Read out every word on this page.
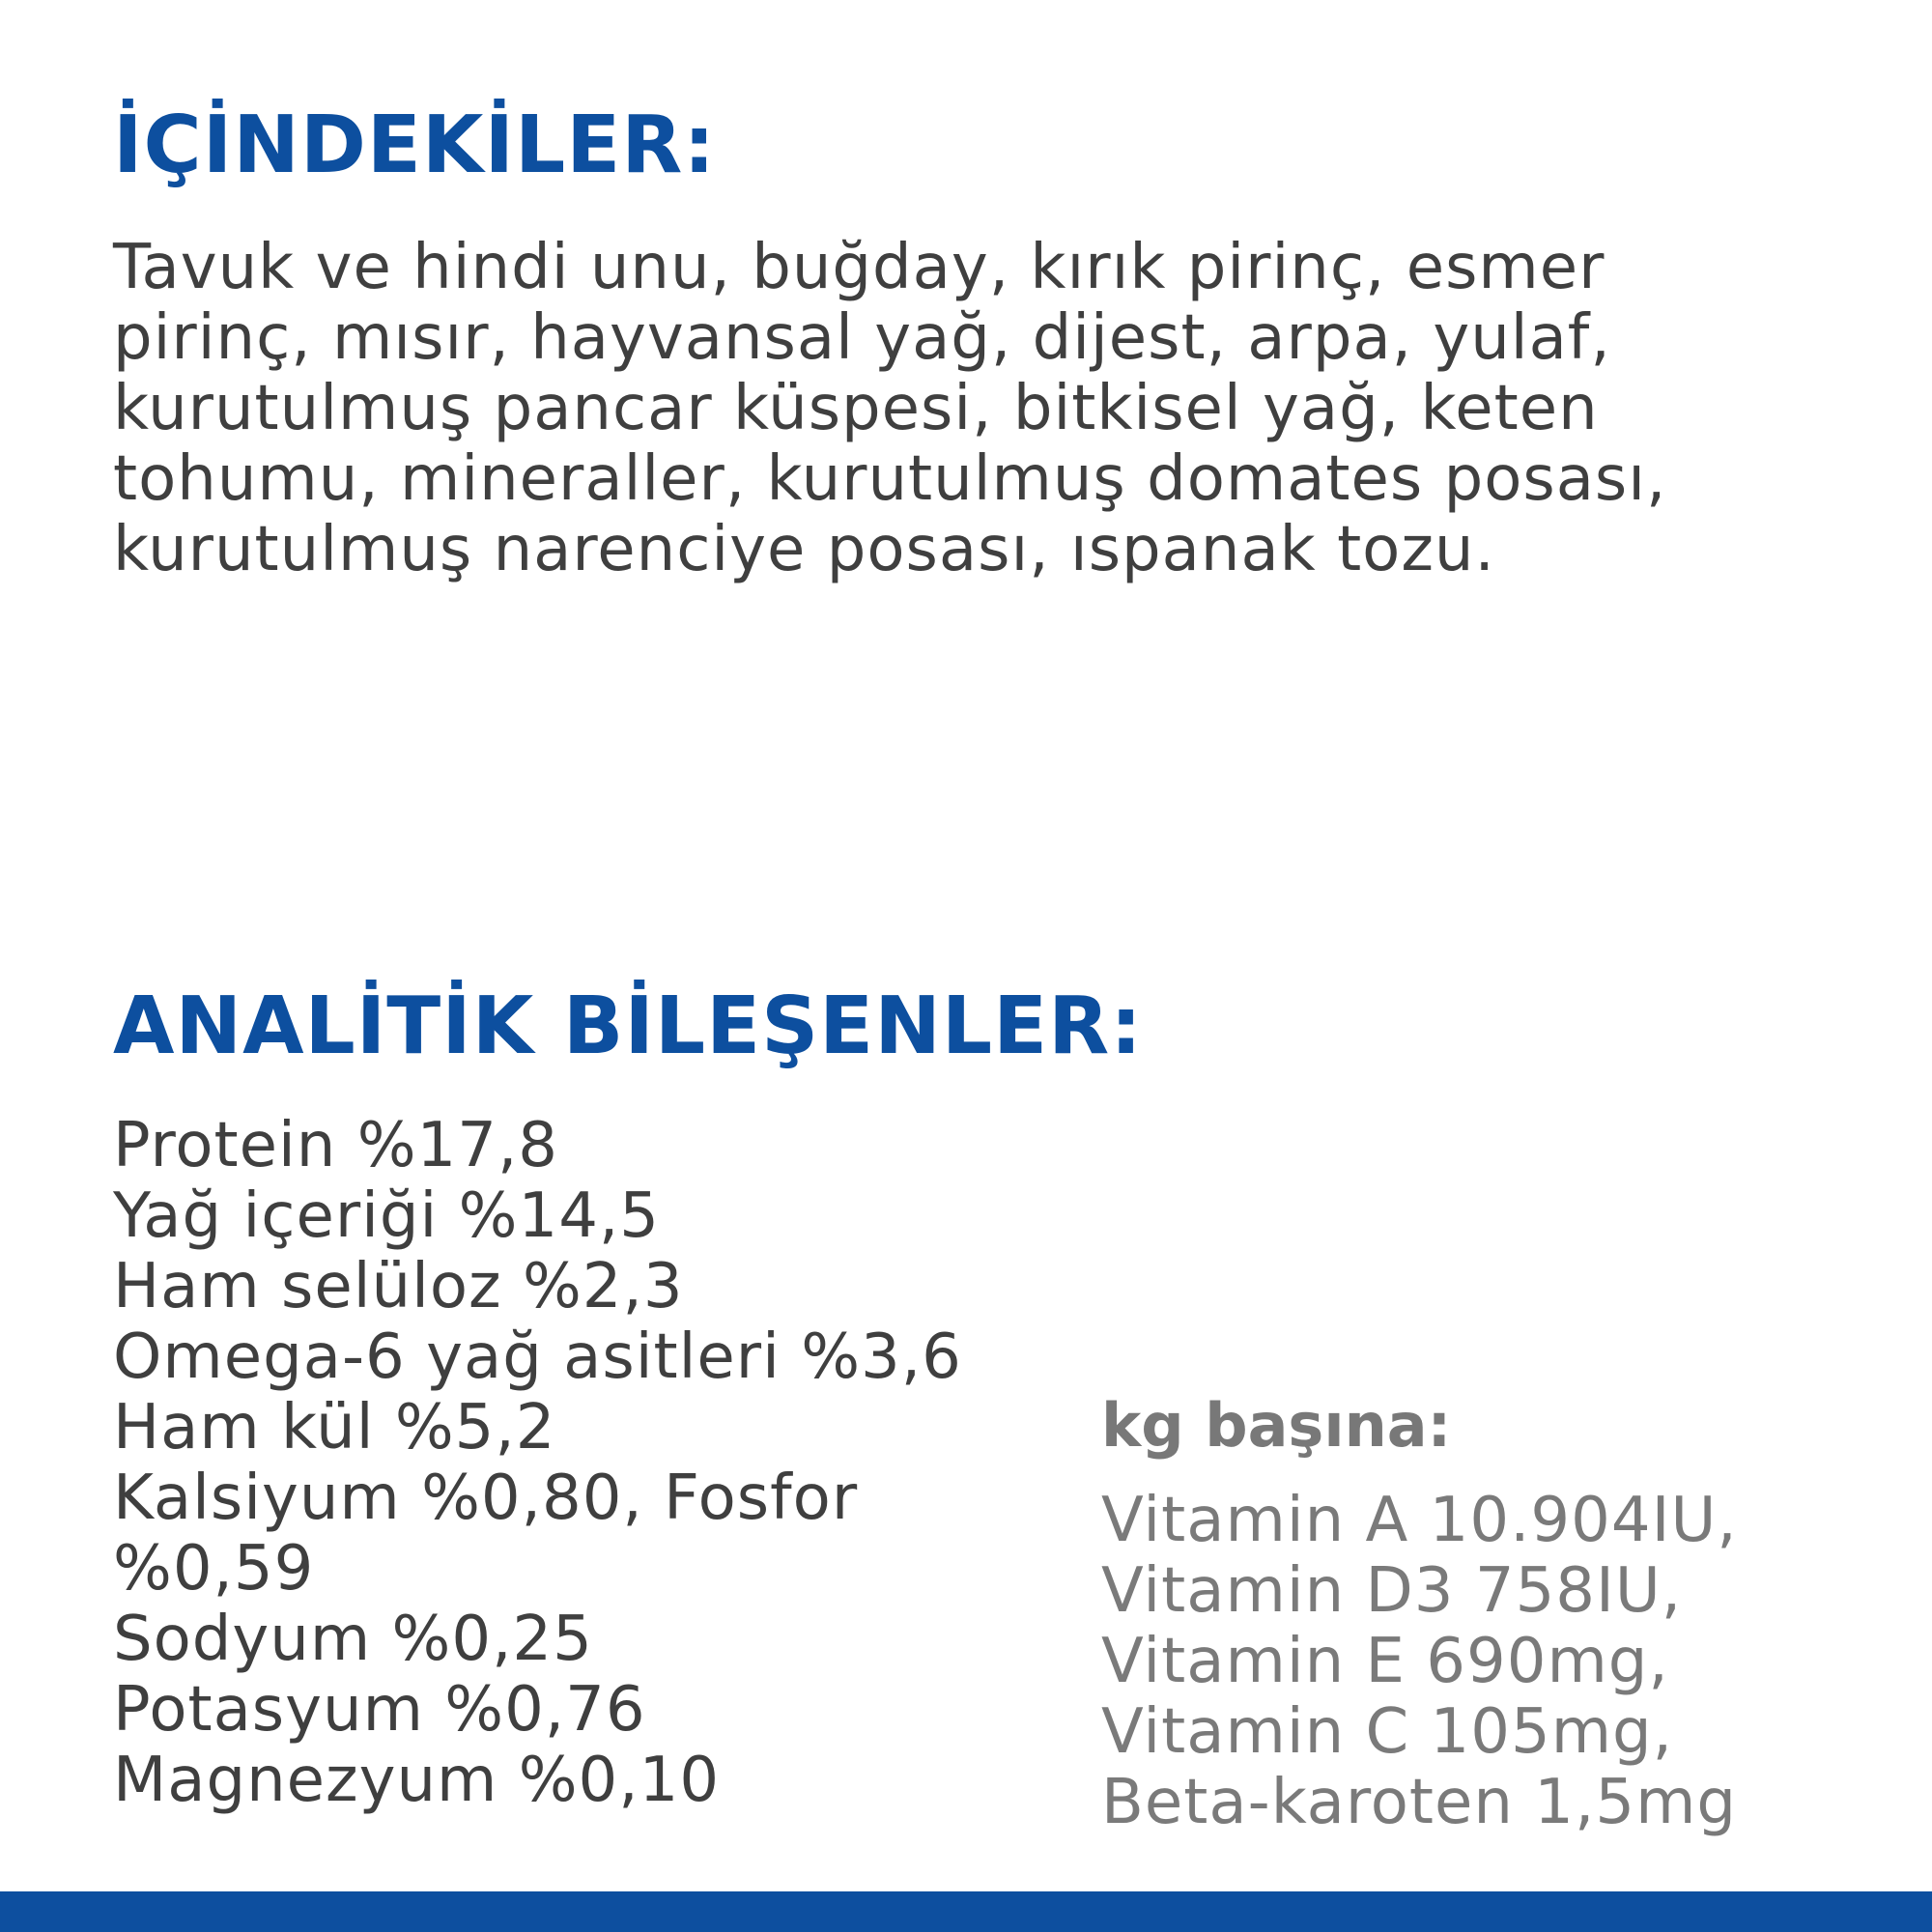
İÇİNDEKİLER:

Tavuk ve hindi unu, buğday, kırık pirinç, esmer
pirinç, mısır, hayvansal yağ, dijest, arpa, yulaf,
kurutulmuş pancar küspesi, bitkisel yağ, keten
tohumu, mineraller, kurutulmuş domates posası,
kurutulmuş narenciye posası, ıspanak tozu.

ANALİTİK BİLEŞENLER:
Protein %17,8
Yağ içeriği %14,5
Ham selüloz %2,3
Omega-6 yağ asitleri %3,6
Ham kül %5,2
Kalsiyum %0,80, Fosfor
%0,59
Sodyum %0,25
Potasyum %0,76
Magnezyum %0,10
kg başına:
Vitamin A 10.904IU,
Vitamin D3 758IU,
Vitamin E 690mg,
Vitamin C 105mg,
Beta-karoten 1,5mg
